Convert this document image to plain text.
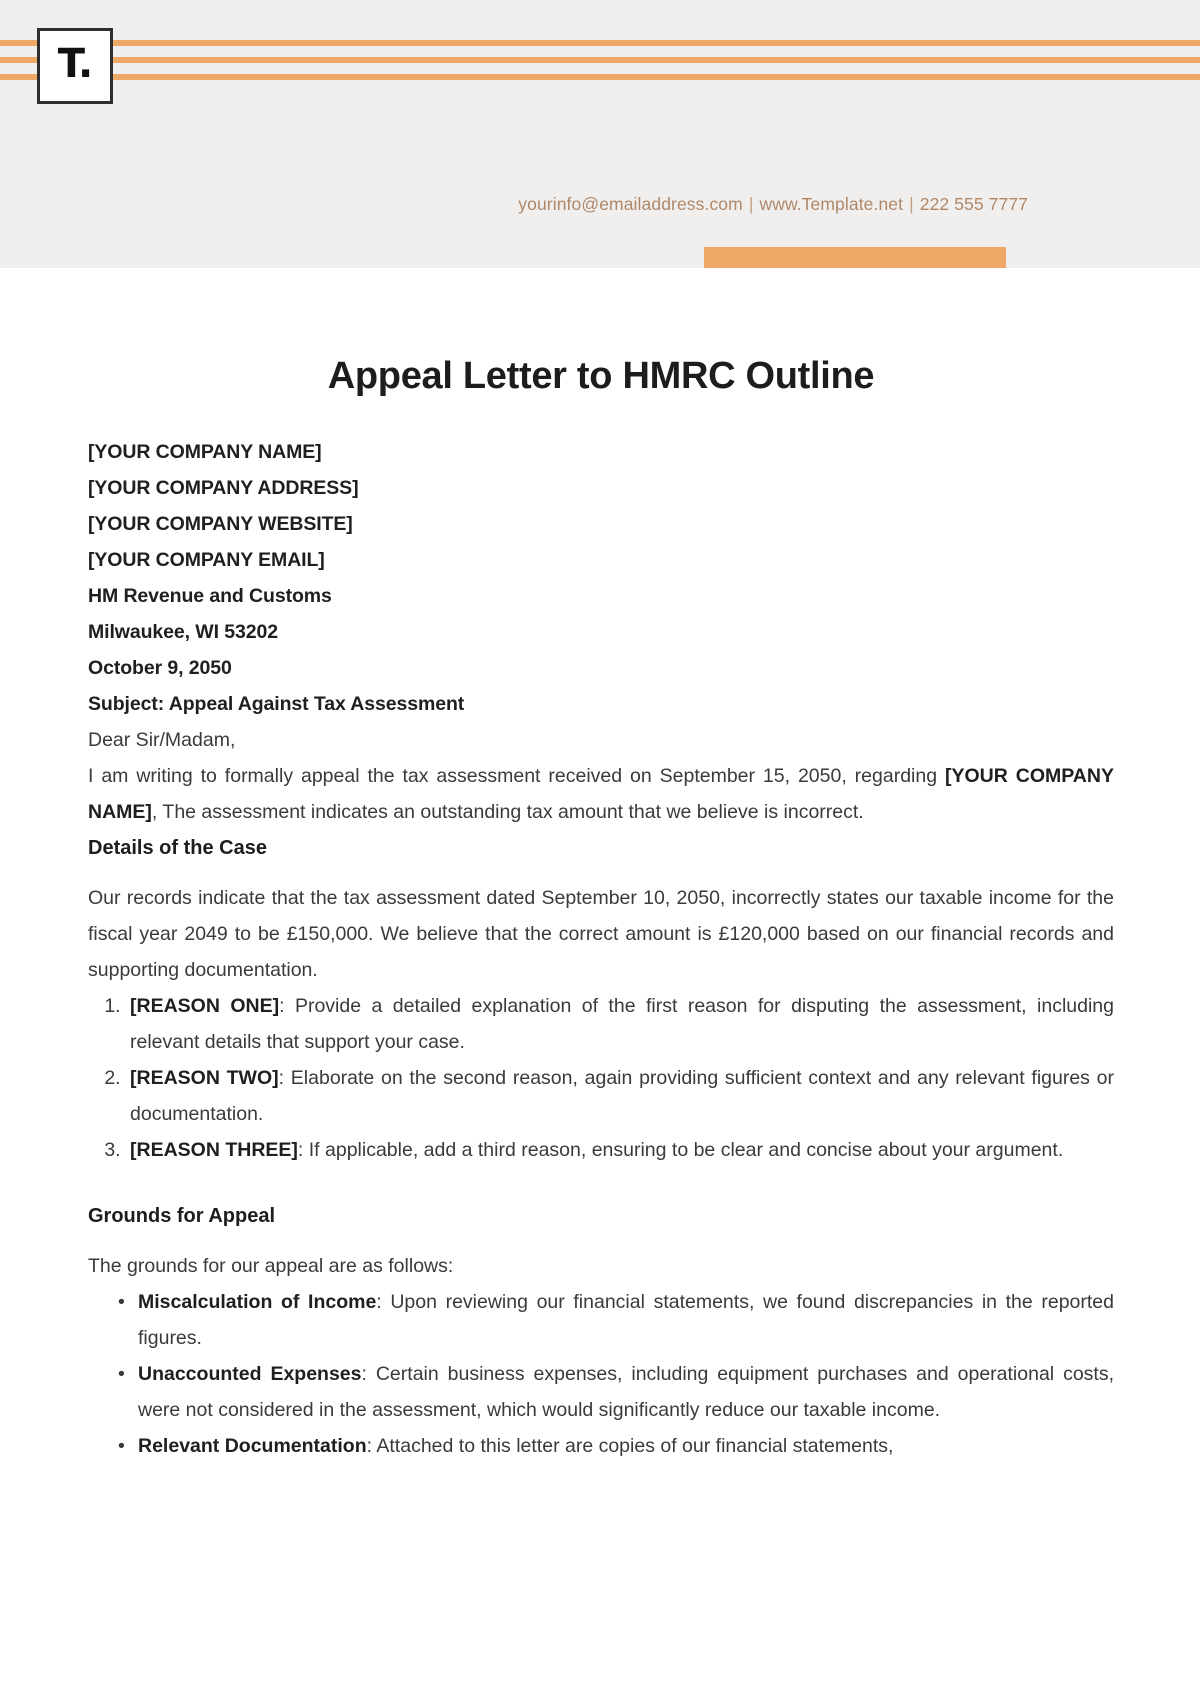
T.
yourinfo@emailaddress.com | www.Template.net | 222 555 7777
Appeal Letter to HMRC Outline
[YOUR COMPANY NAME]
[YOUR COMPANY ADDRESS]
[YOUR COMPANY WEBSITE]
[YOUR COMPANY EMAIL]
HM Revenue and Customs
Milwaukee, WI 53202
October 9, 2050
Subject: Appeal Against Tax Assessment

Dear Sir/Madam,

I am writing to formally appeal the tax assessment received on September 15, 2050, regarding [YOUR COMPANY NAME], The assessment indicates an outstanding tax amount that we believe is incorrect.

Details of the Case

Our records indicate that the tax assessment dated September 10, 2050, incorrectly states our taxable income for the fiscal year 2049 to be £150,000. We believe that the correct amount is £120,000 based on our financial records and supporting documentation.

1. [REASON ONE]: Provide a detailed explanation of the first reason for disputing the assessment, including relevant details that support your case.
2. [REASON TWO]: Elaborate on the second reason, again providing sufficient context and any relevant figures or documentation.
3. [REASON THREE]: If applicable, add a third reason, ensuring to be clear and concise about your argument.
Grounds for Appeal

The grounds for our appeal are as follows:

• Miscalculation of Income: Upon reviewing our financial statements, we found discrepancies in the reported figures.
• Unaccounted Expenses: Certain business expenses, including equipment purchases and operational costs, were not considered in the assessment, which would significantly reduce our taxable income.
• Relevant Documentation: Attached to this letter are copies of our financial statements,
